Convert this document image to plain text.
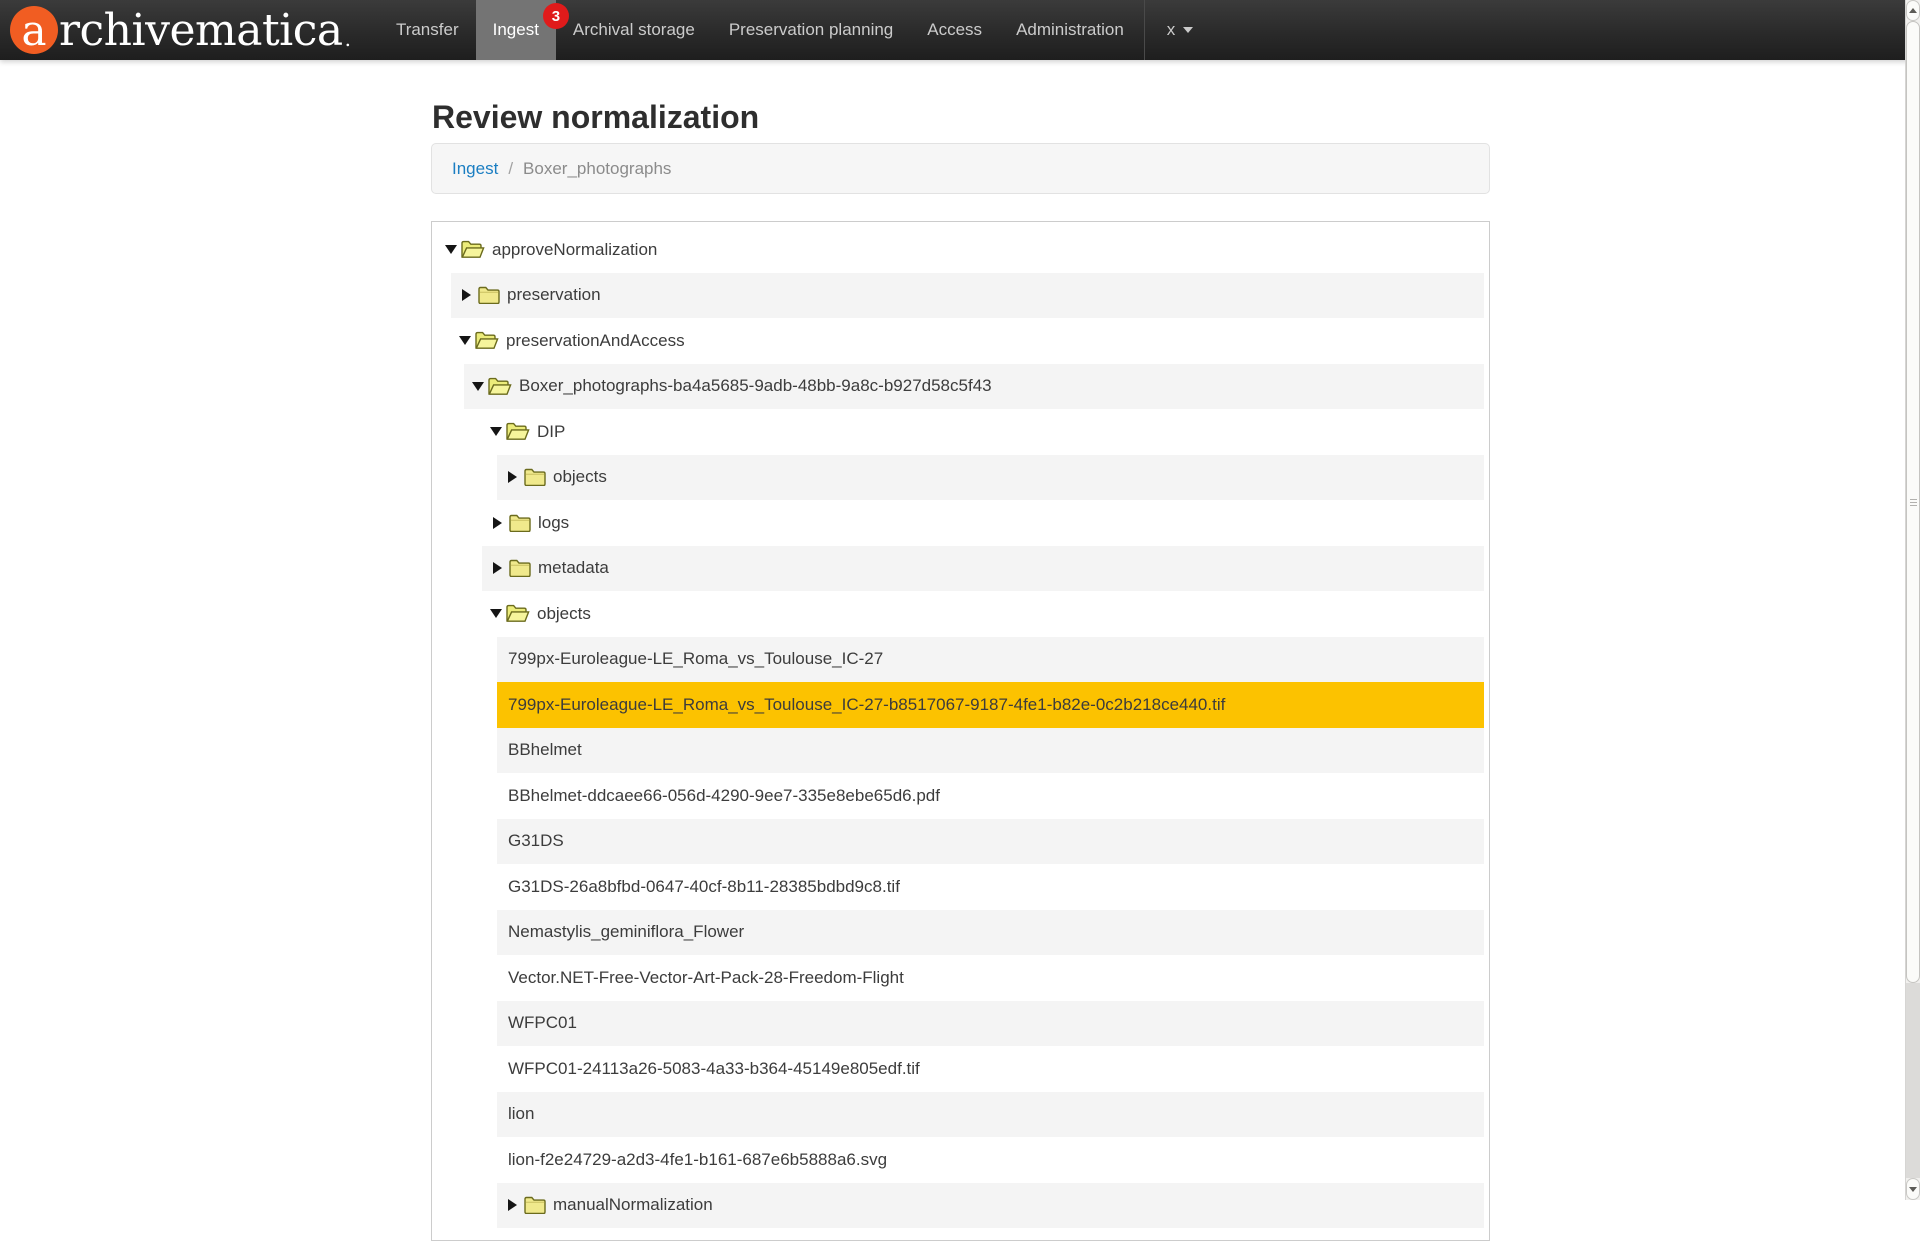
a rchivematica .	Transfer	Ingest
3
Archival storage	Preservation planning	Access	Administration	x
Review normalization
Ingest / Boxer_photographs
approveNormalization
preservation
preservationAndAccess
Boxer_photographs-ba4a5685-9adb-48bb-9a8c-b927d58c5f43
DIP
objects
logs
metadata
objects
799px-Euroleague-LE_Roma_vs_Toulouse_IC-27
799px-Euroleague-LE_Roma_vs_Toulouse_IC-27-b8517067-9187-4fe1-b82e-0c2b218ce440.tif
BBhelmet
BBhelmet-ddcaee66-056d-4290-9ee7-335e8ebe65d6.pdf
G31DS
G31DS-26a8bfbd-0647-40cf-8b11-28385bdbd9c8.tif
Nemastylis_geminiflora_Flower
Vector.NET-Free-Vector-Art-Pack-28-Freedom-Flight
WFPC01
WFPC01-24113a26-5083-4a33-b364-45149e805edf.tif
lion
lion-f2e24729-a2d3-4fe1-b161-687e6b5888a6.svg
manualNormalization
